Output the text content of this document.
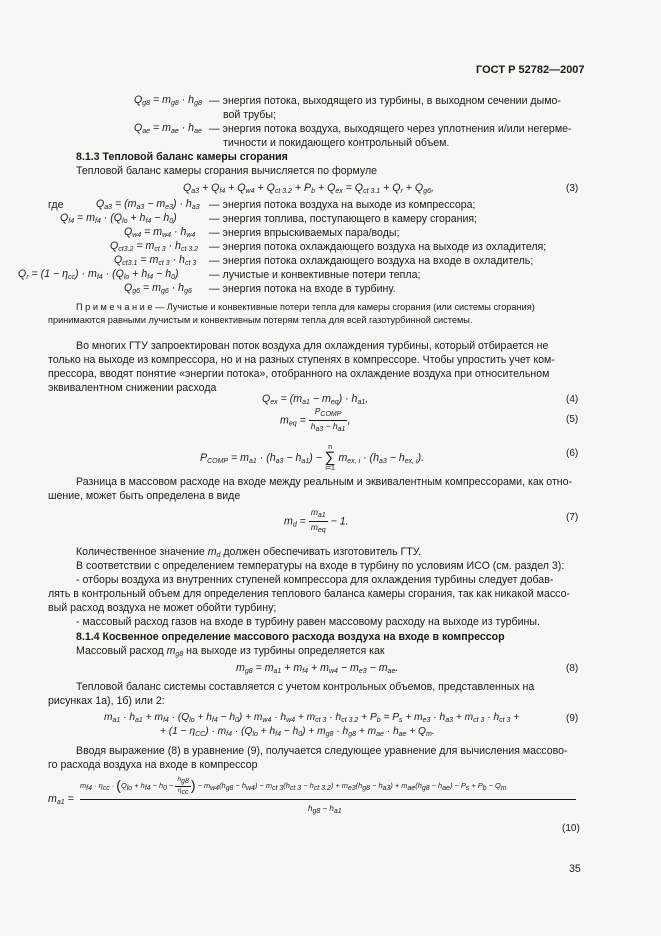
ГОСТ Р 52782—2007
$Q_{g8} = m_{g8} \cdot h_{g8}$ — энергия потока, выходящего из турбины, в выходном сечении дымо-
вой трубы;
$Q_{ae} = m_{ae} \cdot h_{ae}$ — энергия потока воздуха, выходящего через уплотнения и/или негерме-
тичности и покидающего контрольный объем.
8.1.3 Тепловой баланс камеры сгорания
Тепловой баланс камеры сгорания вычисляется по формуле
$Q_{a3} + Q_{f4} + Q_{w4} + Q_{ct 3.2} + P_b + Q_{ex} = Q_{ct 3.1} + Q_r + Q_{g6}$,	(3)
где	$Q_{a3} = (m_{a3} - m_{e3}) \cdot h_{a3}$ — энергия потока воздуха на выходе из компрессора;
$Q_{f4} = m_{f4} \cdot (Q_{lo} + h_{f4} - h_0)$	— энергия топлива, поступающего в камеру сгорания;
$Q_{w4} = m_{w4} \cdot h_{w4}$ — энергия впрыскиваемых пара/воды;
$Q_{ct3.2} = m_{ct 3} \cdot h_{ct 3.2}$ — энергия потока охлаждающего воздуха на выходе из охладителя;
$Q_{ct3.1} = m_{ct 3} \cdot h_{ct 3}$ — энергия потока охлаждающего воздуха на входе в охладитель;
$Q_r = (1 - \eta_{cc}) \cdot m_{f4} \cdot (Q_{lo} + h_{f4} - h_0)$	— лучистые и конвективные потери тепла;
$Q_{g6} = m_{g6} \cdot h_{g6}$ — энергия потока на входе в турбину.
П р и м е ч а н и е — Лучистые и конвективные потери тепла для камеры сгорания (или системы сгорания)
принимаются равными лучистым и конвективным потерям тепла для всей газотурбинной системы.
Во многих ГТУ запроектирован поток воздуха для охлаждения турбины, который отбирается не
только на выходе из компрессора, но и на разных ступенях в компрессоре. Чтобы упростить учет ком-
прессора, вводят понятие «энергии потока», отобранного на охлаждение воздуха при относительном
эквивалентном снижении расхода
$Q_{ex} = (m_{a1} - m_{eq}) \cdot h_{a1}$,	(4)
$m_{eq} = \frac{P_{COMP}}{h_{a3} - h_{a1}}$ ,	(5)
$P_{COMP} = m_{a1} \cdot (h_{a3} - h_{a1})$ −
n
∑
i=1
$m_{ex, i} \cdot (h_{a3} - h_{ex, i})$.	(6)
Разница в массовом расходе на входе между реальным и эквивалентным компрессорами, как отно-
шение, может быть определена в виде
$m_d = \frac{m_{a1}}{m_{eq}} - 1$.	(7)
Количественное значение $m_d$ должен обеспечивать изготовитель ГТУ.
В соответствии с определением температуры на входе в турбину по условиям ИСО (см. раздел 3):
- отборы воздуха из внутренних ступеней компрессора для охлаждения турбины следует добав-
лять в контрольный объем для определения теплового баланса камеры сгорания, так как никакой массо-
вый расход воздуха не может обойти турбину;
- массовый расход газов на входе в турбину равен массовому расходу на выходе из турбины.
8.1.4 Косвенное определение массового расхода воздуха на входе в компрессор
Массовый расход $m_{g8}$ на выходе из турбины определяется как
$m_{g8} = m_{a1} + m_{f4} + m_{w4} - m_{e3} - m_{ae}$.	(8)
Тепловой баланс системы составляется с учетом контрольных объемов, представленных на
рисунках 1а), 1б) или 2:
$m_{a1} \cdot h_{a1} + m_{f4} \cdot (Q_{lo} + h_{f4} - h_0) + m_{w4} \cdot h_{w4} + m_{ct 3} \cdot h_{ct 3.2} + P_b = P_s + m_{e3} \cdot h_{a3} + m_{ct 3} \cdot h_{ct 3}$ +
+ $(1 - \eta_{CC}) \cdot m_{f4} \cdot (Q_{lo} + h_{f4} - h_0) + m_{g8} \cdot h_{g8} + m_{ae} \cdot h_{ae} + Q_m$.
(9)
Вводя выражение (8) в уравнение (9), получается следующее уравнение для вычисления массово-
го расхода воздуха на входе в компрессор
$m_{a1}$ =
$mf4 \cdot \eta cc \cdot (Qlo + hf4 - h0 - \frac{hg8}{\text{ηcc}}$ ) − mw4(hg8 − hw4) − mct 3(hct 3 − hct 3.2) + me3(hg8 − ha3) + mae(hg8 − hae) − Ps + Pb − Qm
hg8 − ha1
(10)
35
